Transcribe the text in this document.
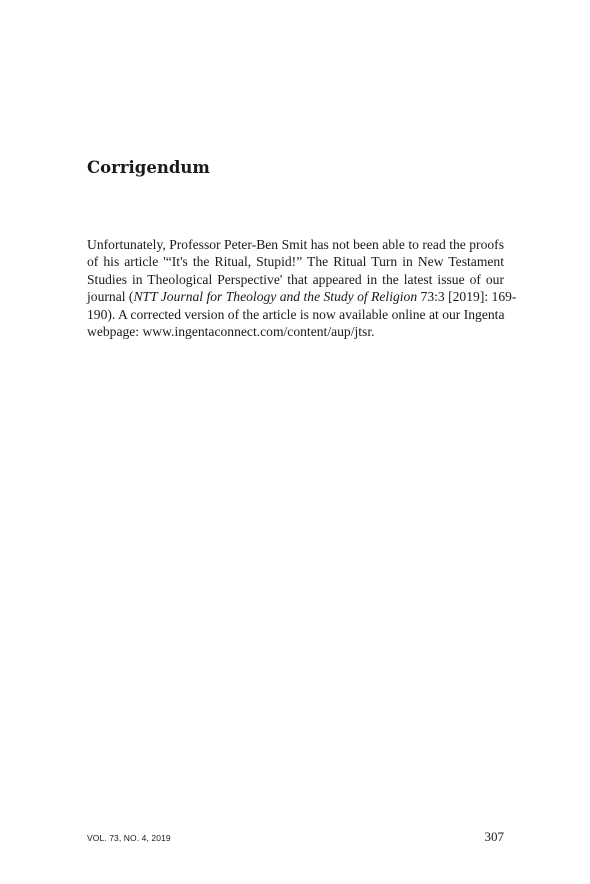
Corrigendum
Unfortunately, Professor Peter-Ben Smit has not been able to read the proofs
of his article '“It's the Ritual, Stupid!” The Ritual Turn in New Testament
Studies in Theological Perspective' that appeared in the latest issue of our
journal (NTT Journal for Theology and the Study of Religion 73:3 [2019]: 169-
190). A corrected version of the article is now available online at our Ingenta
webpage: www.ingentaconnect.com/content/aup/jtsr.
VOL. 73, NO. 4, 2019	307
